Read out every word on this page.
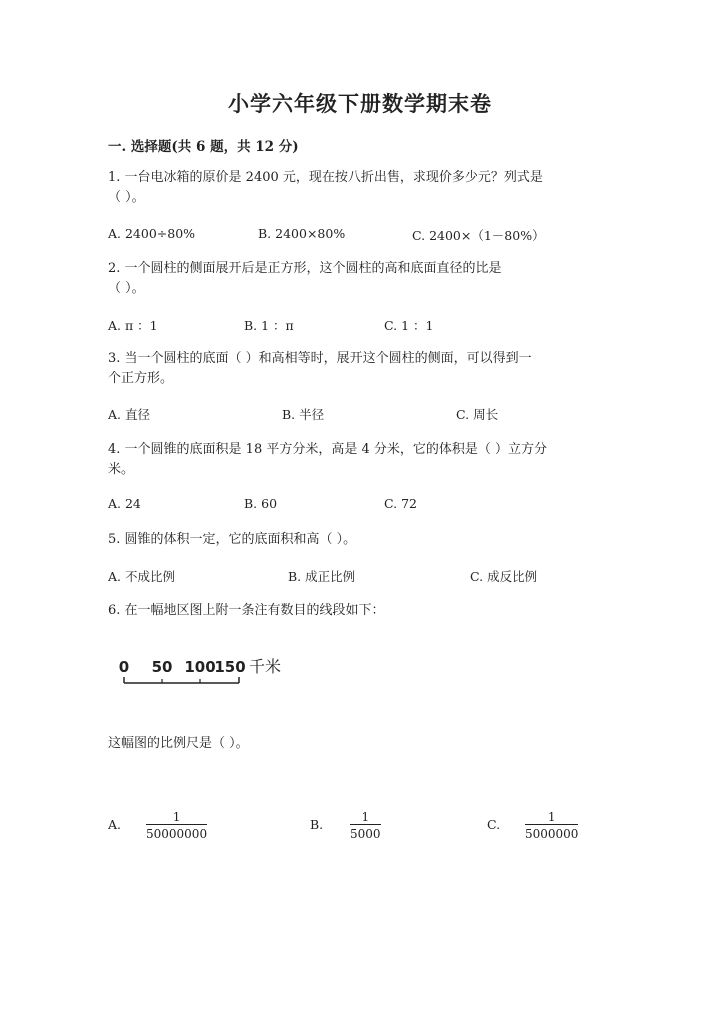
小学六年级下册数学期末卷
一. 选择题(共 6 题，共 12 分)
1. 一台电冰箱的原价是 2400 元，现在按八折出售，求现价多少元？列式是
（ ）。
A. 2400÷80%	B. 2400×80%	C. 2400×（1－80%）
2. 一个圆柱的侧面展开后是正方形，这个圆柱的高和底面直径的比是
（ ）。
A. π ：1	B. 1 ：π	C. 1 ：1
3. 当一个圆柱的底面（ ）和高相等时，展开这个圆柱的侧面，可以得到一
个正方形。
A. 直径	B. 半径	C. 周长
4. 一个圆锥的底面积是 18 平方分米，高是 4 分米，它的体积是（ ）立方分
米。
A. 24	B. 60	C. 72
5. 圆锥的体积一定，它的底面积和高（ ）。
A. 不成比例	B. 成正比例	C. 成反比例
6. 在一幅地区图上附一条注有数目的线段如下：
0 50 100
150 千米
这幅图的比例尺是（ ）。
A. $\frac{1}{50000000}$	B. $\frac{1}{5000}$	C. $\frac{1}{5000000}$
